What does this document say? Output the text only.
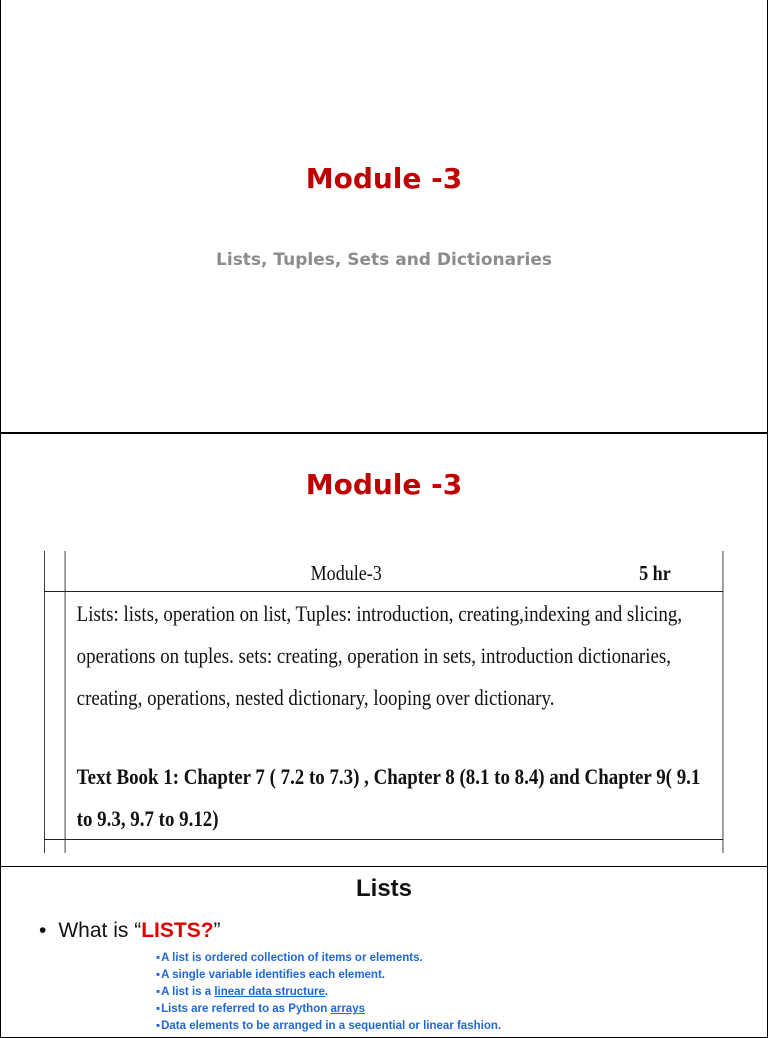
Module -3
Lists, Tuples, Sets and Dictionaries
Module -3
Module-3	5 hr
Lists: lists, operation on list, Tuples: introduction, creating,indexing and slicing, operations on tuples. sets: creating, operation in sets, introduction dictionaries, creating, operations, nested dictionary, looping over dictionary.
Text Book 1: Chapter 7 ( 7.2 to 7.3) , Chapter 8 (8.1 to 8.4) and Chapter 9( 9.1 to 9.3, 9.7 to 9.12)
Lists
• What is “LISTS?”
▪ A list is ordered collection of items or elements.
▪ A single variable identifies each element.
▪ A list is a linear data structure.
▪ Lists are referred to as Python arrays
▪ Data elements to be arranged in a sequential or linear fashion.
